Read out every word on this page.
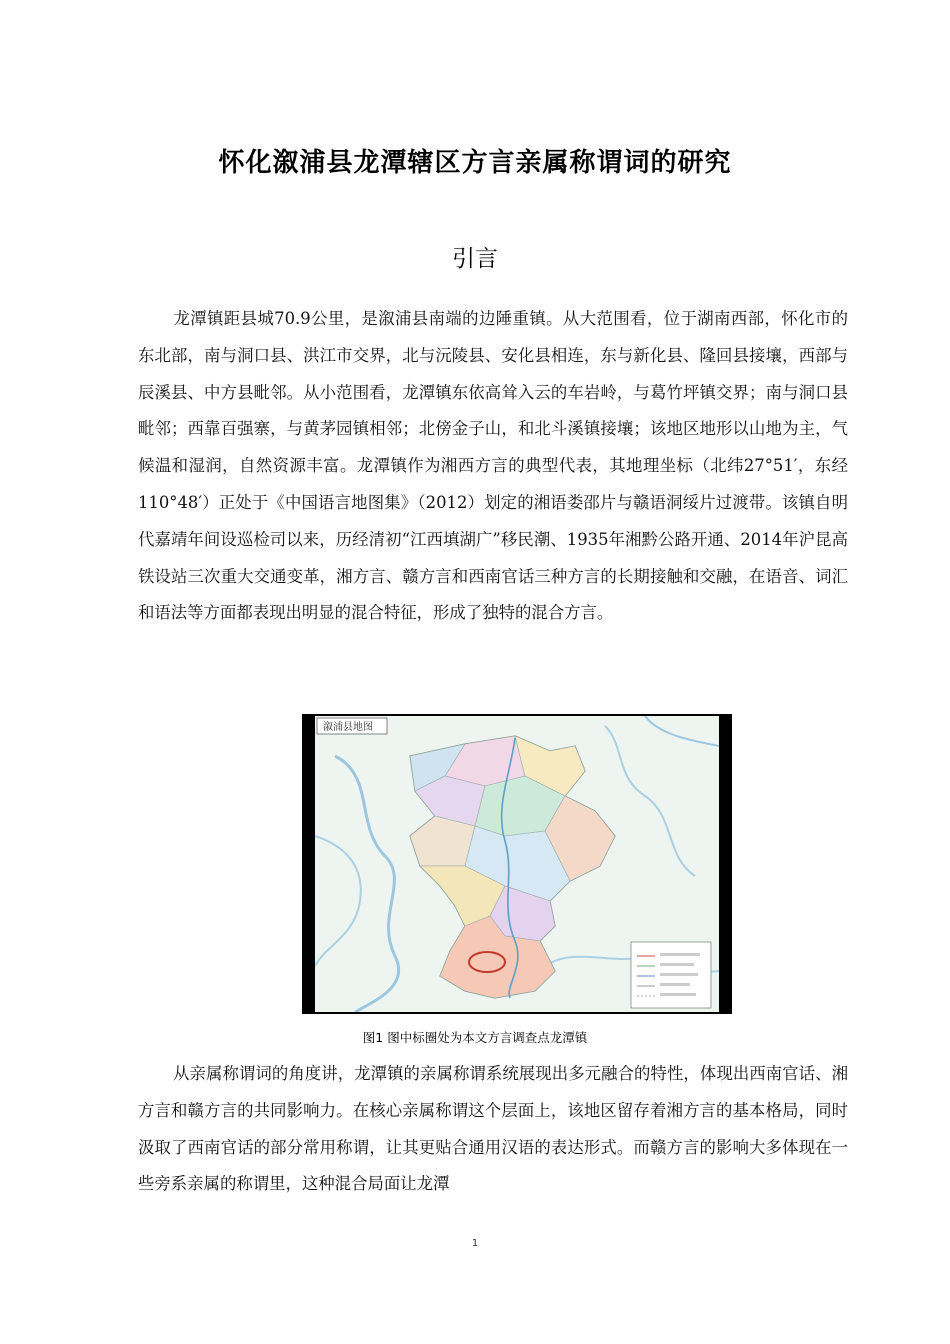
怀化溆浦县龙潭辖区方言亲属称谓词的研究
引言

龙潭镇距县城70.9公里，是溆浦县南端的边陲重镇。从大范围看，位于湖南西部，怀化市的东北部，南与洞口县、洪江市交界，北与沅陵县、安化县相连，东与新化县、隆回县接壤，西部与辰溪县、中方县毗邻。从小范围看，龙潭镇东依高耸入云的车岩岭，与葛竹坪镇交界；南与洞口县毗邻；西靠百强寨，与黄茅园镇相邻；北傍金子山，和北斗溪镇接壤；该地区地形以山地为主，气候温和湿润，自然资源丰富。龙潭镇作为湘西方言的典型代表，其地理坐标（北纬27°51′，东经110°48′）正处于《中国语言地图集》（2012）划定的湘语娄邵片与赣语洞绥片过渡带。该镇自明代嘉靖年间设巡检司以来，历经清初“江西填湖广”移民潮、1935年湘黔公路开通、2014年沪昆高铁设站三次重大交通变革，湘方言、赣方言和西南官话三种方言的长期接触和交融，在语音、词汇和语法等方面都表现出明显的混合特征，形成了独特的混合方言。

溆浦县地图
图1 图中标圈处为本文方言调查点龙潭镇

从亲属称谓词的角度讲，龙潭镇的亲属称谓系统展现出多元融合的特性，体现出西南官话、湘方言和赣方言的共同影响力。在核心亲属称谓这个层面上，该地区留存着湘方言的基本格局，同时汲取了西南官话的部分常用称谓，让其更贴合通用汉语的表达形式。而赣方言的影响大多体现在一些旁系亲属的称谓里，这种混合局面让龙潭

1
